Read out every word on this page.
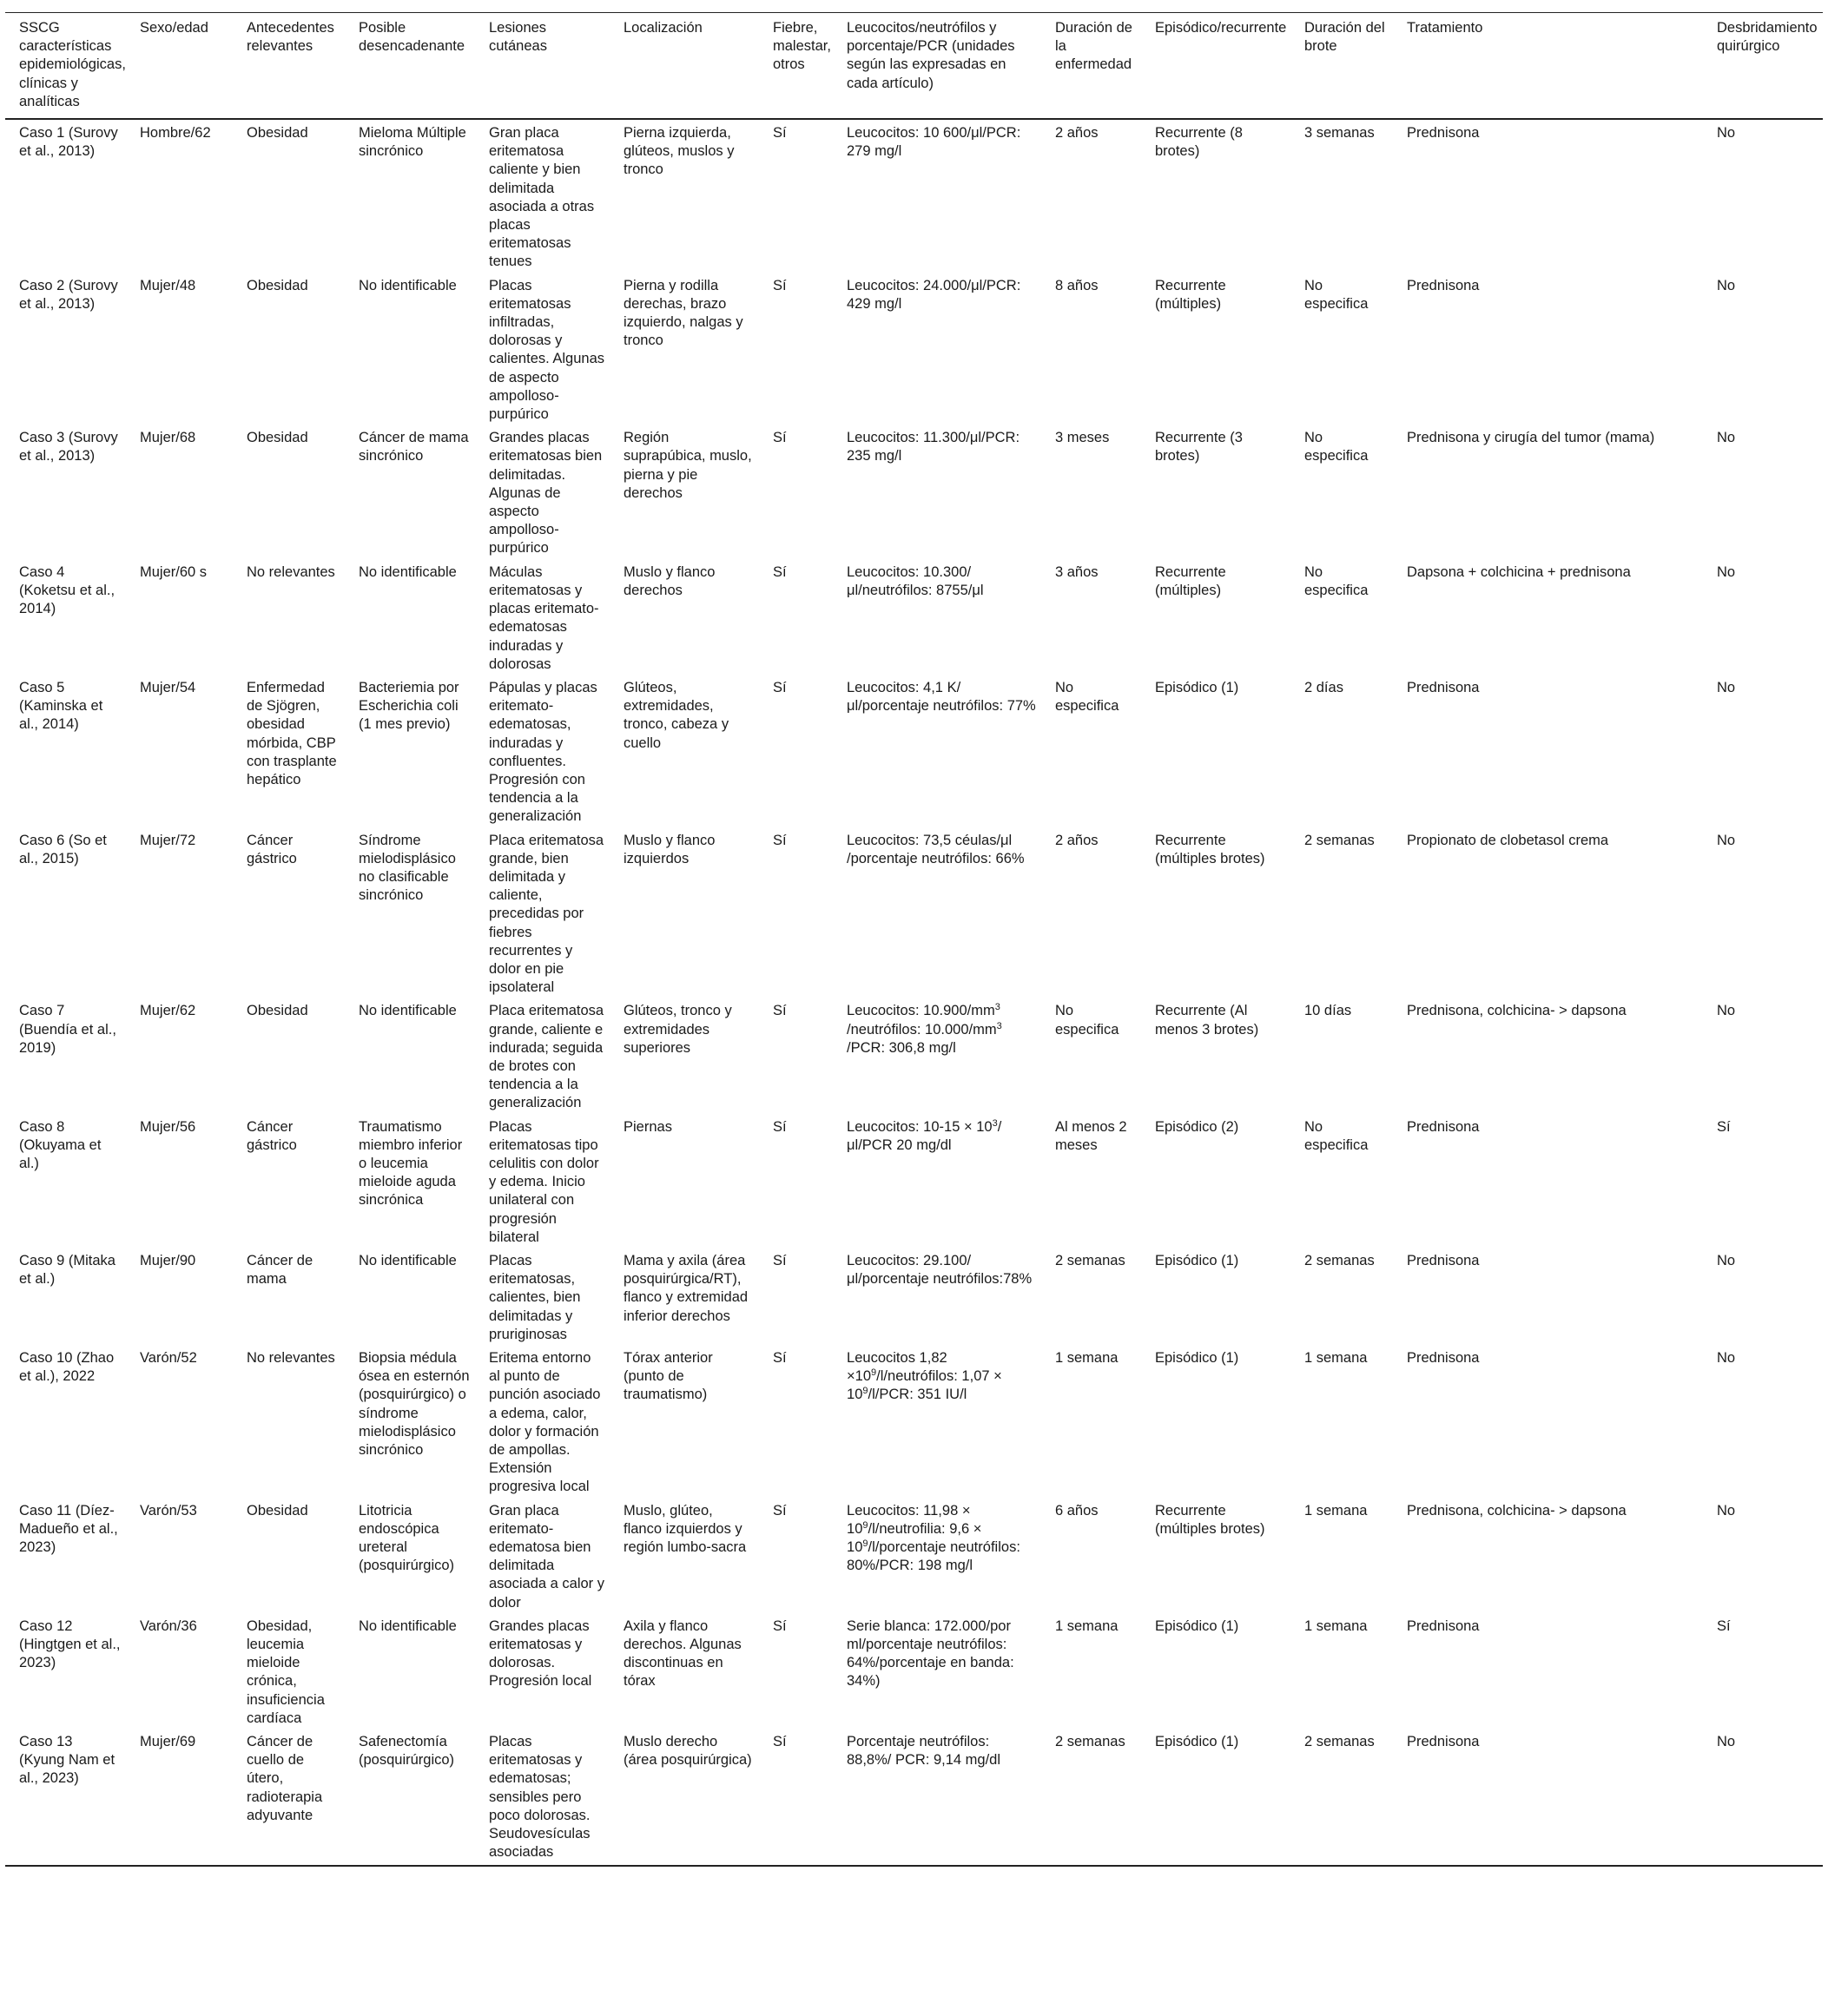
SSCG características epidemiológicas, clínicas y analíticas	Sexo/edad	Antecedentes relevantes	Posible desencadenante	Lesiones cutáneas	Localización	Fiebre, malestar, otros	Leucocitos/neutrófilos y porcentaje/PCR (unidades según las expresadas en cada artículo)	Duración de la enfermedad	Episódico/recurrente	Duración del brote	Tratamiento	Desbridamiento quirúrgico
Caso 1 (Surovy et al., 2013)	Hombre/62	Obesidad	Mieloma Múltiple sincrónico	Gran placa eritematosa caliente y bien delimitada asociada a otras placas eritematosas tenues	Pierna izquierda, glúteos, muslos y tronco	Sí	Leucocitos: 10 600/μl/PCR: 279 mg/l	2 años	Recurrente (8 brotes)	3 semanas	Prednisona	No
Caso 2 (Surovy et al., 2013)	Mujer/48	Obesidad	No identificable	Placas eritematosas infiltradas, dolorosas y calientes. Algunas de aspecto ampolloso-purpúrico	Pierna y rodilla derechas, brazo izquierdo, nalgas y tronco	Sí	Leucocitos: 24.000/μl/PCR: 429 mg/l	8 años	Recurrente (múltiples)	No especifica	Prednisona	No
Caso 3 (Surovy et al., 2013)	Mujer/68	Obesidad	Cáncer de mama sincrónico	Grandes placas eritematosas bien delimitadas. Algunas de aspecto ampolloso-purpúrico	Región suprapúbica, muslo, pierna y pie derechos	Sí	Leucocitos: 11.300/μl/PCR: 235 mg/l	3 meses	Recurrente (3 brotes)	No especifica	Prednisona y cirugía del tumor (mama)	No
Caso 4 (Koketsu et al., 2014)	Mujer/60 s	No relevantes	No identificable	Máculas eritematosas y placas eritemato-edematosas induradas y dolorosas	Muslo y flanco derechos	Sí	Leucocitos: 10.300/μl/neutrófilos: 8755/μl	3 años	Recurrente (múltiples)	No especifica	Dapsona + colchicina + prednisona	No
Caso 5 (Kaminska et al., 2014)	Mujer/54	Enfermedad de Sjögren, obesidad mórbida, CBP con trasplante hepático	Bacteriemia por Escherichia coli (1 mes previo)	Pápulas y placas eritemato-edematosas, induradas y confluentes. Progresión con tendencia a la generalización	Glúteos, extremidades, tronco, cabeza y cuello	Sí	Leucocitos: 4,1 K/μl/porcentaje neutrófilos: 77%	No especifica	Episódico (1)	2 días	Prednisona	No
Caso 6 (So et al., 2015)	Mujer/72	Cáncer gástrico	Síndrome mielodisplásico no clasificable sincrónico	Placa eritematosa grande, bien delimitada y caliente, precedidas por fiebres recurrentes y dolor en pie ipsolateral	Muslo y flanco izquierdos	Sí	Leucocitos: 73,5 céulas/μl /porcentaje neutrófilos: 66%	2 años	Recurrente (múltiples brotes)	2 semanas	Propionato de clobetasol crema	No
Caso 7 (Buendía et al., 2019)	Mujer/62	Obesidad	No identificable	Placa eritematosa grande, caliente e indurada; seguida de brotes con tendencia a la generalización	Glúteos, tronco y extremidades superiores	Sí	Leucocitos: $10.900/mm^3$ /neutrófilos: $10.000/mm^3$ /PCR: 306,8 mg/l	No especifica	Recurrente (Al menos 3 brotes)	10 días	Prednisona, colchicina- > dapsona	No
Caso 8 (Okuyama et al.)	Mujer/56	Cáncer gástrico	Traumatismo miembro inferior o leucemia mieloide aguda sincrónica	Placas eritematosas tipo celulitis con dolor y edema. Inicio unilateral con progresión bilateral	Piernas	Sí	Leucocitos: $10-15 \times 10^3/\mu l$/PCR 20 mg/dl	Al menos 2 meses	Episódico (2)	No especifica	Prednisona	Sí
Caso 9 (Mitaka et al.)	Mujer/90	Cáncer de mama	No identificable	Placas eritematosas, calientes, bien delimitadas y pruriginosas	Mama y axila (área posquirúrgica/RT), flanco y extremidad inferior derechos	Sí	Leucocitos: 29.100/μl/porcentaje neutrófilos:78%	2 semanas	Episódico (1)	2 semanas	Prednisona	No
Caso 10 (Zhao et al.), 2022	Varón/52	No relevantes	Biopsia médula ósea en esternón (posquirúrgico) o síndrome mielodisplásico sincrónico	Eritema entorno al punto de punción asociado a edema, calor, dolor y formación de ampollas. Extensión progresiva local	Tórax anterior (punto de traumatismo)	Sí	Leucocitos $1,82 \times 10^9/l$/neutrófilos: $1,07 \times 10^9/l$/PCR: 351 IU/l	1 semana	Episódico (1)	1 semana	Prednisona	No
Caso 11 (Díez-Madueño et al., 2023)	Varón/53	Obesidad	Litotricia endoscópica ureteral (posquirúrgico)	Gran placa eritemato-edematosa bien delimitada asociada a calor y dolor	Muslo, glúteo, flanco izquierdos y región lumbo-sacra	Sí	Leucocitos: $11,98 \times 10^9/l$/neutrofilia: $9,6 \times 10^9/l$/porcentaje neutrófilos: 80%/PCR: 198 mg/l	6 años	Recurrente (múltiples brotes)	1 semana	Prednisona, colchicina- > dapsona	No
Caso 12 (Hingtgen et al., 2023)	Varón/36	Obesidad, leucemia mieloide crónica, insuficiencia cardíaca	No identificable	Grandes placas eritematosas y dolorosas. Progresión local	Axila y flanco derechos. Algunas discontinuas en tórax	Sí	Serie blanca: 172.000/por ml/porcentaje neutrófilos: 64%/porcentaje en banda: 34%)	1 semana	Episódico (1)	1 semana	Prednisona	Sí
Caso 13 (Kyung Nam et al., 2023)	Mujer/69	Cáncer de cuello de útero, radioterapia adyuvante	Safenectomía (posquirúrgico)	Placas eritematosas y edematosas; sensibles pero poco dolorosas. Seudovesículas asociadas	Muslo derecho (área posquirúrgica)	Sí	Porcentaje neutrófilos: 88,8%/ PCR: 9,14 mg/dl	2 semanas	Episódico (1)	2 semanas	Prednisona	No
